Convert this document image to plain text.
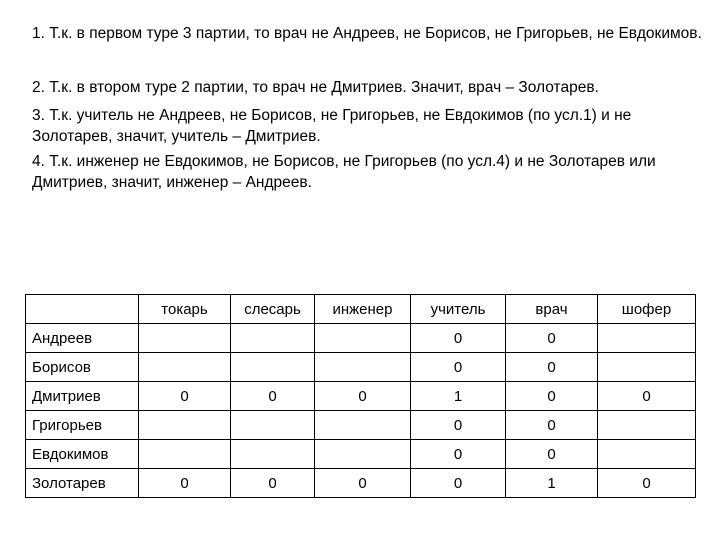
1. Т.к. в первом туре 3 партии, то врач не Андреев, не Борисов, не Григорьев, не Евдокимов.

2. Т.к. в втором туре 2 партии, то врач не Дмитриев. Значит, врач – Золотарев.

3. Т.к. учитель не Андреев, не Борисов, не Григорьев, не Евдокимов (по усл.1) и не Золотарев, значит, учитель – Дмитриев.

4. Т.к. инженер не Евдокимов, не Борисов, не Григорьев (по усл.4) и не Золотарев или Дмитриев, значит, инженер – Андреев.

	токарь	слесарь	инженер	учитель	врач	шофер
Андреев				0	0	
Борисов				0	0	
Дмитриев	0	0	0	1	0	0
Григорьев				0	0	
Евдокимов				0	0	
Золотарев	0	0	0	0	1	0
